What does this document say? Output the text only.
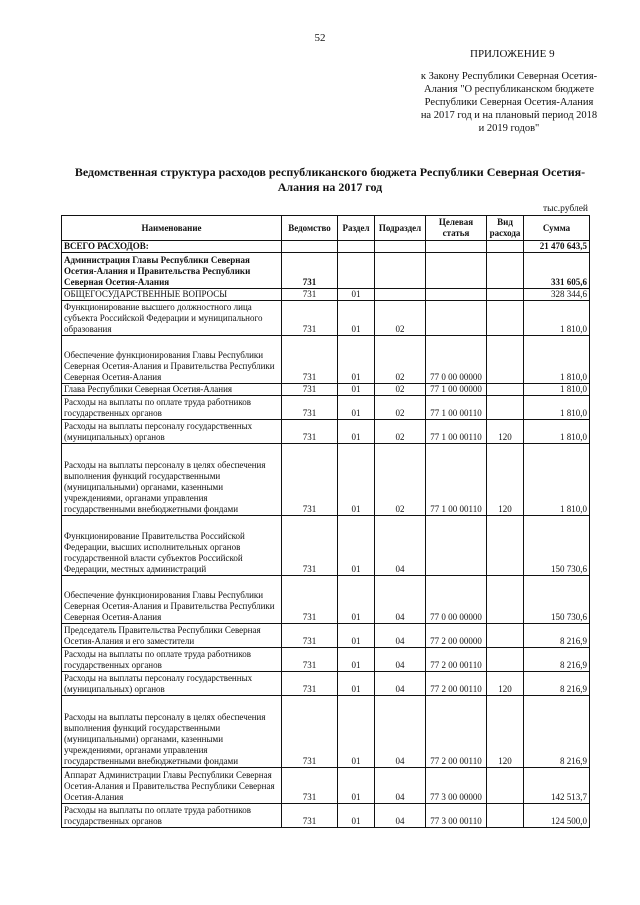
52
ПРИЛОЖЕНИЕ 9
к Закону Республики Северная Осетия-Алания "О республиканском бюджете Республики Северная Осетия-Алания на 2017 год и на плановый период 2018 и 2019 годов"
Ведомственная структура расходов республиканского бюджета Республики Северная Осетия-Алания на 2017 год
тыс.рублей
Наименование	Ведомство	Раздел	Подраздел	Целевая статья	Вид расхода	Сумма
ВСЕГО РАСХОДОВ:						21 470 643,5
Администрация Главы Республики Северная Осетия-Алания и Правительства Республики Северная Осетия-Алания	731					331 605,6
ОБЩЕГОСУДАРСТВЕННЫЕ ВОПРОСЫ	731	01				328 344,6
Функционирование высшего должностного лица субъекта Российской Федерации и муниципального образования	731	01	02			1 810,0
Обеспечение функционирования Главы Республики Северная Осетия-Алания и Правительства Республики Северная Осетия-Алания	731	01	02	77 0 00 00000		1 810,0
Глава Республики Северная Осетия-Алания	731	01	02	77 1 00 00000		1 810,0
Расходы на выплаты по оплате труда работников государственных органов	731	01	02	77 1 00 00110		1 810,0
Расходы на выплаты персоналу государственных (муниципальных) органов	731	01	02	77 1 00 00110	120	1 810,0
Расходы на выплаты персоналу в целях обеспечения выполнения функций государственными (муниципальными) органами, казенными учреждениями, органами управления государственными внебюджетными фондами	731	01	02	77 1 00 00110	120	1 810,0
Функционирование Правительства Российской Федерации, высших исполнительных органов государственной власти субъектов Российской Федерации, местных администраций	731	01	04			150 730,6
Обеспечение функционирования Главы Республики Северная Осетия-Алания и Правительства Республики Северная Осетия-Алания	731	01	04	77 0 00 00000		150 730,6
Председатель Правительства Республики Северная Осетия-Алания и его заместители	731	01	04	77 2 00 00000		8 216,9
Расходы на выплаты по оплате труда работников государственных органов	731	01	04	77 2 00 00110		8 216,9
Расходы на выплаты персоналу государственных (муниципальных) органов	731	01	04	77 2 00 00110	120	8 216,9
Расходы на выплаты персоналу в целях обеспечения выполнения функций государственными (муниципальными) органами, казенными учреждениями, органами управления государственными внебюджетными фондами	731	01	04	77 2 00 00110	120	8 216,9
Аппарат Администрации Главы Республики Северная Осетия-Алания и Правительства Республики Северная Осетия-Алания	731	01	04	77 3 00 00000		142 513,7
Расходы на выплаты по оплате труда работников государственных органов	731	01	04	77 3 00 00110		124 500,0
